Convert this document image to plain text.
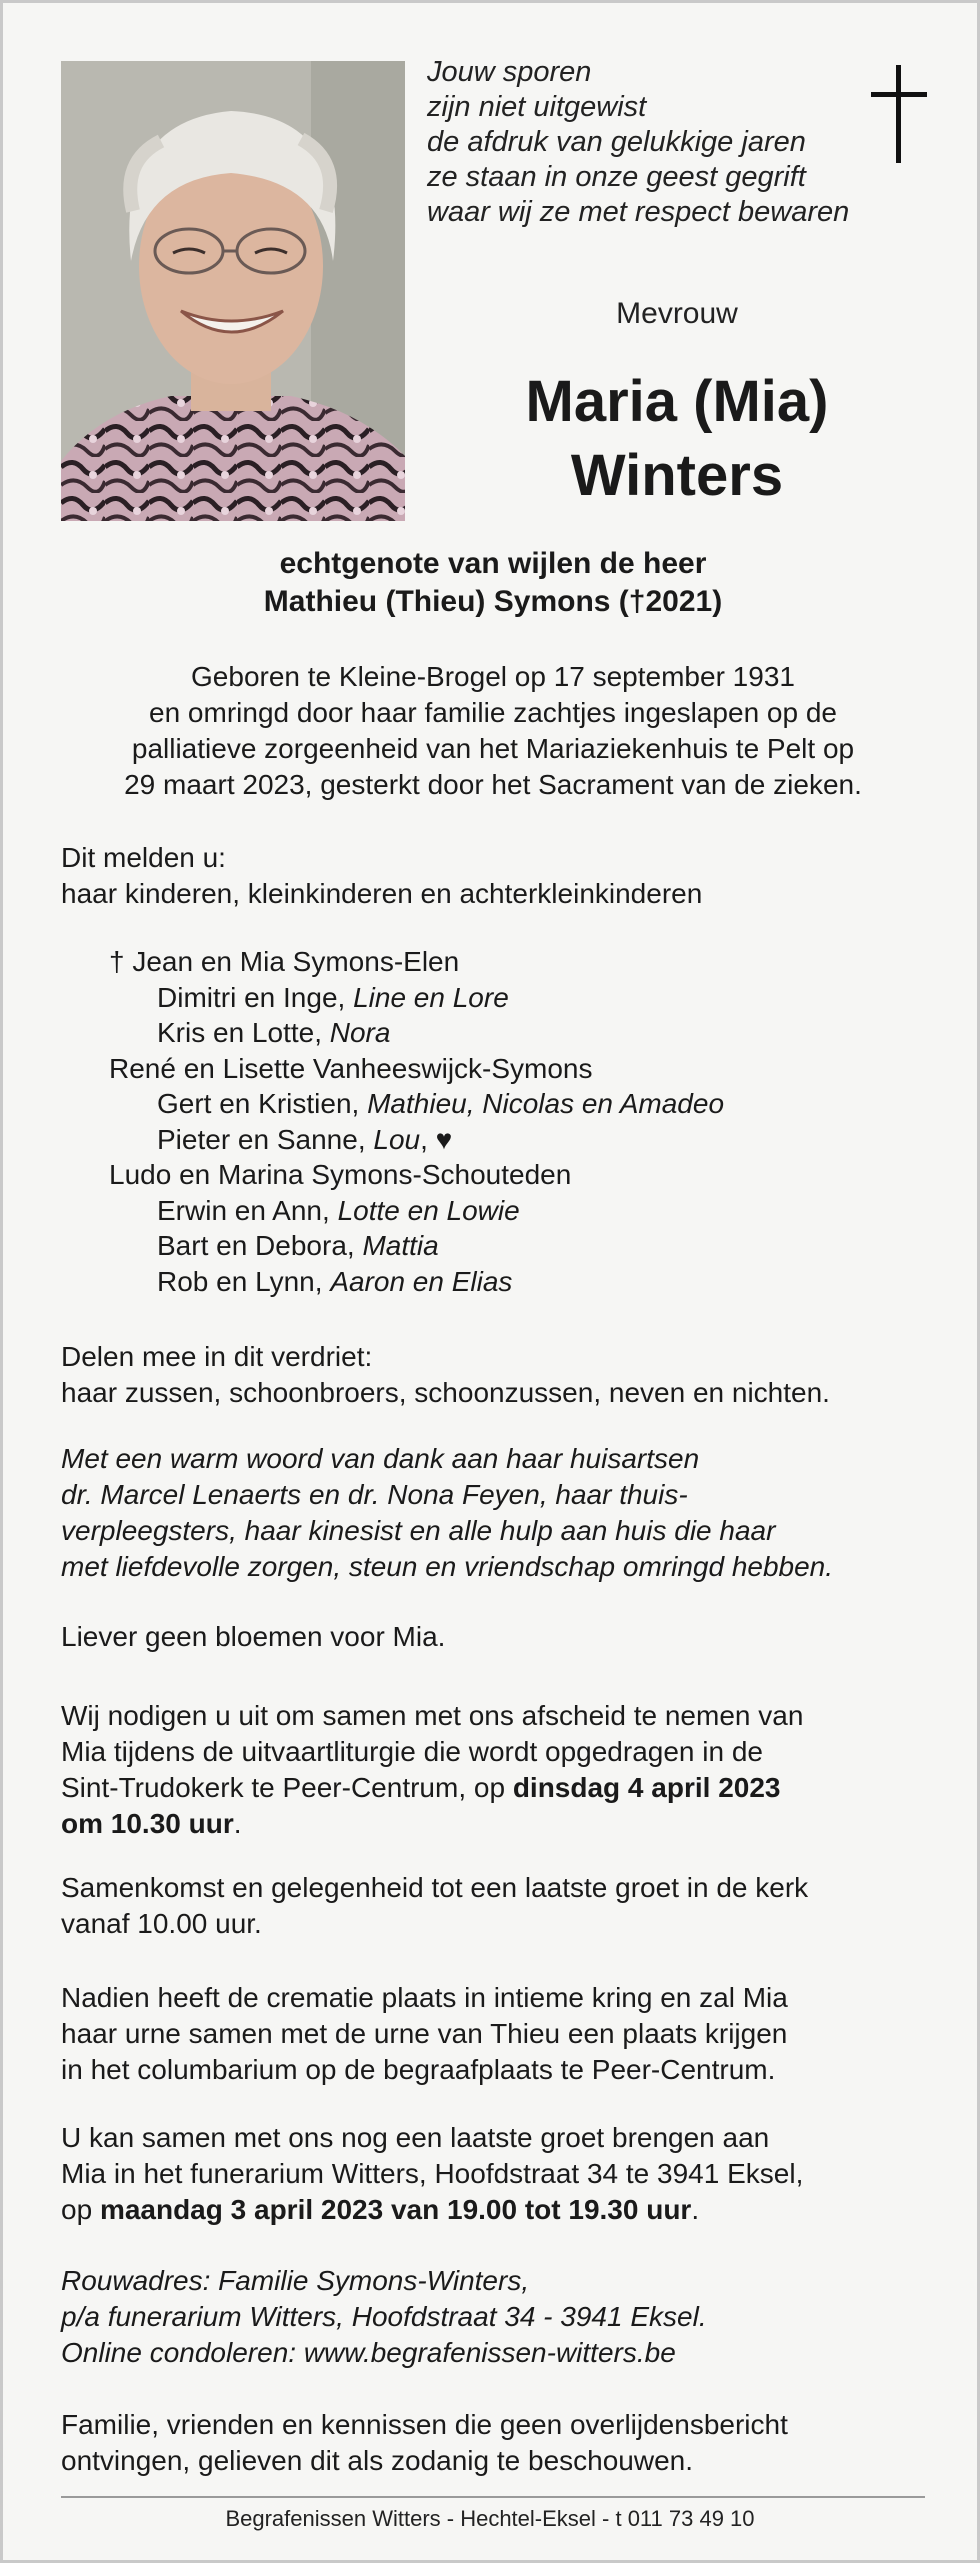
Jouw sporen
zijn niet uitgewist
de afdruk van gelukkige jaren
ze staan in onze geest gegrift
waar wij ze met respect bewaren
Mevrouw
Maria (Mia)
Winters
echtgenote van wijlen de heer
Mathieu (Thieu) Symons (†2021)
Geboren te Kleine-Brogel op 17 september 1931
en omringd door haar familie zachtjes ingeslapen op de
palliatieve zorgeenheid van het Mariaziekenhuis te Pelt op
29 maart 2023, gesterkt door het Sacrament van de zieken.
Dit melden u:
haar kinderen, kleinkinderen en achterkleinkinderen
† Jean en Mia Symons-Elen
Dimitri en Inge, Line en Lore
Kris en Lotte, Nora
René en Lisette Vanheeswijck-Symons
Gert en Kristien, Mathieu, Nicolas en Amadeo
Pieter en Sanne, Lou, ♥
Ludo en Marina Symons-Schouteden
Erwin en Ann, Lotte en Lowie
Bart en Debora, Mattia
Rob en Lynn, Aaron en Elias
Delen mee in dit verdriet:
haar zussen, schoonbroers, schoonzussen, neven en nichten.
Met een warm woord van dank aan haar huisartsen
dr. Marcel Lenaerts en dr. Nona Feyen, haar thuis-
verpleegsters, haar kinesist en alle hulp aan huis die haar
met liefdevolle zorgen, steun en vriendschap omringd hebben.
Liever geen bloemen voor Mia.
Wij nodigen u uit om samen met ons afscheid te nemen van
Mia tijdens de uitvaartliturgie die wordt opgedragen in de
Sint-Trudokerk te Peer-Centrum, op dinsdag 4 april 2023
om 10.30 uur.
Samenkomst en gelegenheid tot een laatste groet in de kerk
vanaf 10.00 uur.
Nadien heeft de crematie plaats in intieme kring en zal Mia
haar urne samen met de urne van Thieu een plaats krijgen
in het columbarium op de begraafplaats te Peer-Centrum.
U kan samen met ons nog een laatste groet brengen aan
Mia in het funerarium Witters, Hoofdstraat 34 te 3941 Eksel,
op maandag 3 april 2023 van 19.00 tot 19.30 uur.
Rouwadres: Familie Symons-Winters,
p/a funerarium Witters, Hoofdstraat 34 - 3941 Eksel.
Online condoleren: www.begrafenissen-witters.be
Familie, vrienden en kennissen die geen overlijdensbericht
ontvingen, gelieven dit als zodanig te beschouwen.
Begrafenissen Witters - Hechtel-Eksel - t 011 73 49 10
